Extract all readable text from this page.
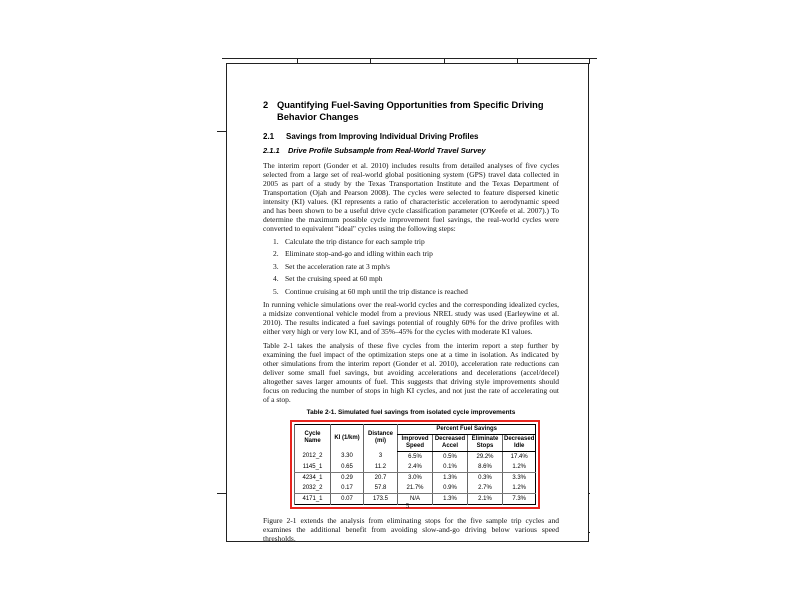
2 Quantifying Fuel-Saving Opportunities from Specific Driving Behavior Changes
2.1	Savings from Improving Individual Driving Profiles
2.1.1	Drive Profile Subsample from Real-World Travel Survey

The interim report (Gonder et al. 2010) includes results from detailed analyses of five cycles selected from a large set of real-world global positioning system (GPS) travel data collected in 2005 as part of a study by the Texas Transportation Institute and the Texas Department of Transportation (Ojah and Pearson 2008). The cycles were selected to feature dispersed kinetic intensity (KI) values. (KI represents a ratio of characteristic acceleration to aerodynamic speed and has been shown to be a useful drive cycle classification parameter (O'Keefe et al. 2007).) To determine the maximum possible cycle improvement fuel savings, the real-world cycles were converted to equivalent "ideal" cycles using the following steps:

1. Calculate the trip distance for each sample trip
2. Eliminate stop-and-go and idling within each trip
3. Set the acceleration rate at 3 mph/s
4. Set the cruising speed at 60 mph
5. Continue cruising at 60 mph until the trip distance is reached

In running vehicle simulations over the real-world cycles and the corresponding idealized cycles, a midsize conventional vehicle model from a previous NREL study was used (Earleywine et al. 2010). The results indicated a fuel savings potential of roughly 60% for the drive profiles with either very high or very low KI, and of 35%–45% for the cycles with moderate KI values.

Table 2-1 takes the analysis of these five cycles from the interim report a step further by examining the fuel impact of the optimization steps one at a time in isolation. As indicated by other simulations from the interim report (Gonder et al. 2010), acceleration rate reductions can deliver some small fuel savings, but avoiding accelerations and decelerations (accel/decel) altogether saves larger amounts of fuel. This suggests that driving style improvements should focus on reducing the number of stops in high KI cycles, and not just the rate of accelerating out of a stop.

Table 2-1. Simulated fuel savings from isolated cycle improvements
Cycle Name	KI (1/km)	Distance (mi)	Percent Fuel Savings			
			Improved Speed	Decreased Accel	Eliminate Stops	Decreased Idle
2012_2	3.30	3	6.5%	0.5%	29.2%	17.4%
1145_1	0.65	11.2	2.4%	0.1%	8.6%	1.2%
4234_1	0.29	20.7	3.0%	1.3%	0.3%	3.3%
2032_2	0.17	57.8	21.7%	0.9%	2.7%	1.2%
4171_1	0.07	173.5	N/A	1.3%	2.1%	7.3%

Figure 2-1 extends the analysis from eliminating stops for the five sample trip cycles and examines the additional benefit from avoiding slow-and-go driving below various speed thresholds.

5
